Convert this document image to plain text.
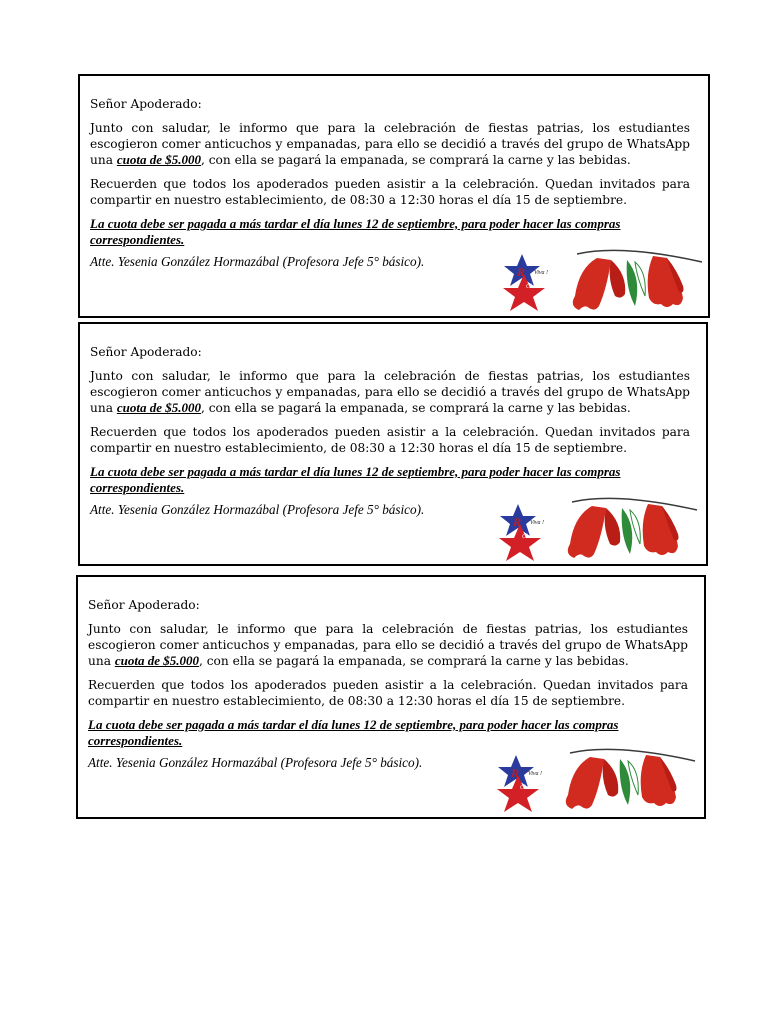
Señor Apoderado:

Junto con saludar, le informo que para la celebración de fiestas patrias, los estudiantes escogieron comer anticuchos y empanadas, para ello se decidió a través del grupo de WhatsApp una cuota de $5.000, con ella se pagará la empanada, se comprará la carne y las bebidas.

Recuerden que todos los apoderados pueden asistir a la celebración. Quedan invitados para compartir en nuestro establecimiento, de 08:30 a 12:30 horas el día 15 de septiembre.

La cuota debe ser pagada a más tardar el día lunes 12 de septiembre, para poder hacer las compras correspondientes.

Atte. Yesenia González Hormazábal (Profesora Jefe 5° básico).

R Viva !
Chile

Señor Apoderado:

Junto con saludar, le informo que para la celebración de fiestas patrias, los estudiantes escogieron comer anticuchos y empanadas, para ello se decidió a través del grupo de WhatsApp una cuota de $5.000, con ella se pagará la empanada, se comprará la carne y las bebidas.

Recuerden que todos los apoderados pueden asistir a la celebración. Quedan invitados para compartir en nuestro establecimiento, de 08:30 a 12:30 horas el día 15 de septiembre.

La cuota debe ser pagada a más tardar el día lunes 12 de septiembre, para poder hacer las compras correspondientes.

Atte. Yesenia González Hormazábal (Profesora Jefe 5° básico).

R Viva !
Chile

Señor Apoderado:

Junto con saludar, le informo que para la celebración de fiestas patrias, los estudiantes escogieron comer anticuchos y empanadas, para ello se decidió a través del grupo de WhatsApp una cuota de $5.000, con ella se pagará la empanada, se comprará la carne y las bebidas.

Recuerden que todos los apoderados pueden asistir a la celebración. Quedan invitados para compartir en nuestro establecimiento, de 08:30 a 12:30 horas el día 15 de septiembre.

La cuota debe ser pagada a más tardar el día lunes 12 de septiembre, para poder hacer las compras correspondientes.

Atte. Yesenia González Hormazábal (Profesora Jefe 5° básico).

R Viva !
Chile
